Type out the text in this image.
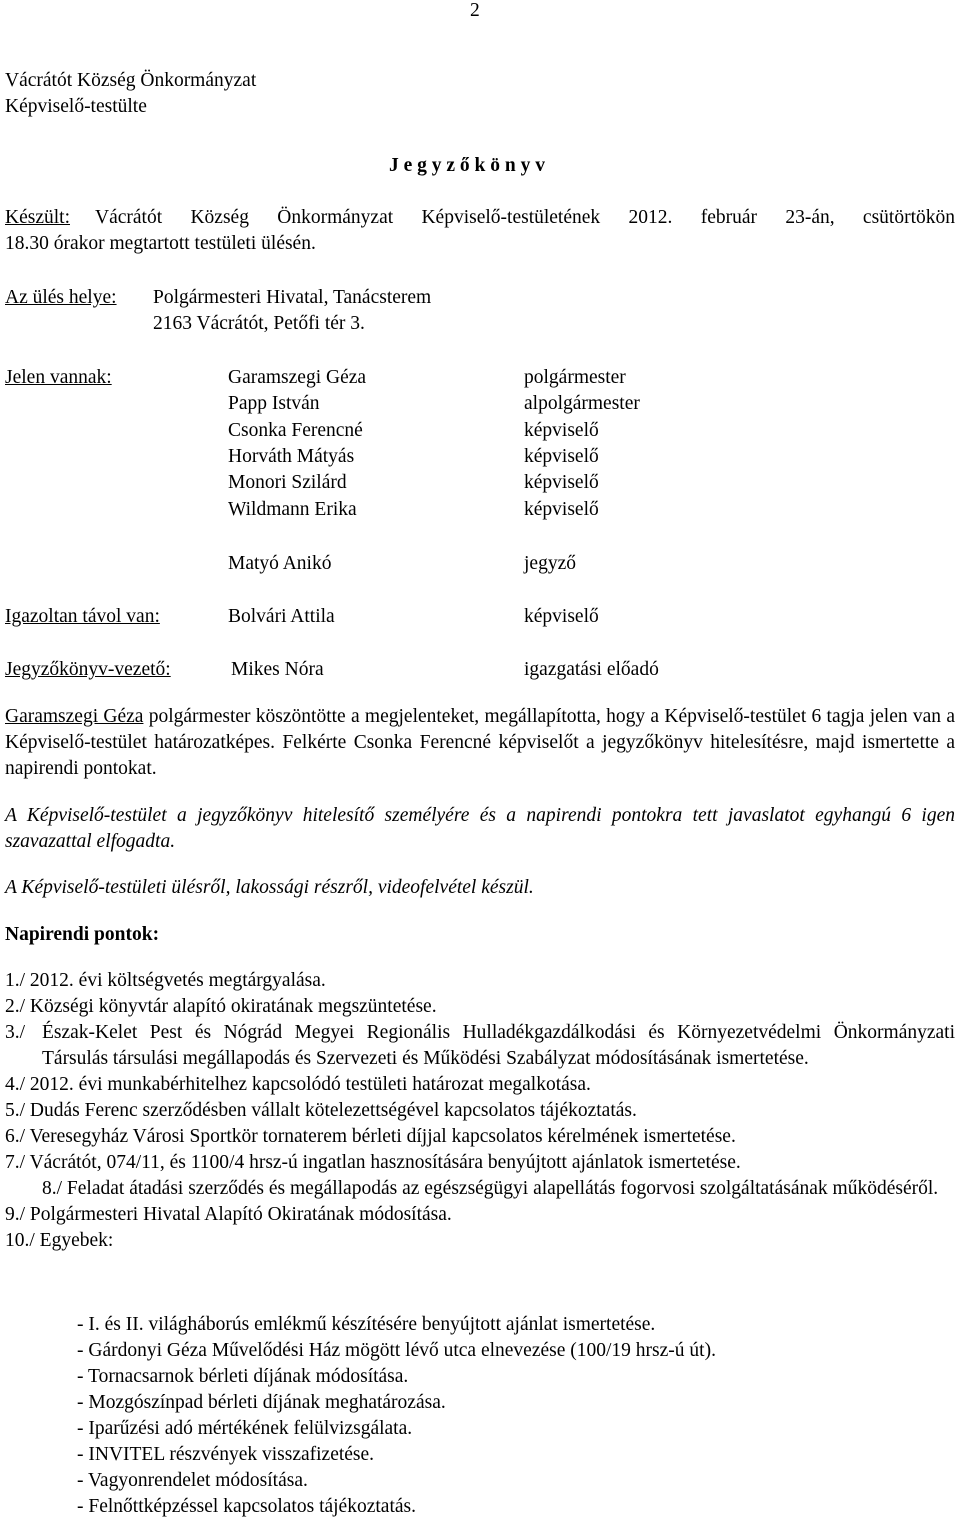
2
Vácrátót Község Önkormányzat
Képviselő-testülte
J e g y z ő k ö n y v
Készült: Vácrátót Község Önkormányzat Képviselő-testületének 2012. február 23-án, csütörtökön
18.30 órakor megtartott testületi ülésén.
Az ülés helye: Polgármesteri Hivatal, Tanácsterem
2163 Vácrátót, Petőfi tér 3.
Jelen vannak:	Garamszegi Géza	polgármester
Papp István	alpolgármester
Csonka Ferencné	képviselő
Horváth Mátyás	képviselő
Monori Szilárd	képviselő
Wildmann Erika	képviselő
Matyó Anikó	jegyző
Igazoltan távol van:	Bolvári Attila	képviselő
Jegyzőkönyv-vezető:	Mikes Nóra	igazgatási előadó
Garamszegi Géza polgármester köszöntötte a megjelenteket, megállapította, hogy a Képviselő-testület 6 tagja jelen van a Képviselő-testület határozatképes. Felkérte Csonka Ferencné képviselőt a jegyzőkönyv hitelesítésre, majd ismertette a napirendi pontokat.
A Képviselő-testület a jegyzőkönyv hitelesítő személyére és a napirendi pontokra tett javaslatot egyhangú 6 igen szavazattal elfogadta.
A Képviselő-testületi ülésről, lakossági részről, videofelvétel készül.
Napirendi pontok:
1./ 2012. évi költségvetés megtárgyalása.
2./ Községi könyvtár alapító okiratának megszüntetése.
3./ Észak-Kelet Pest és Nógrád Megyei Regionális Hulladékgazdálkodási és Környezetvédelmi Önkormányzati Társulás társulási megállapodás és Szervezeti és Működési Szabályzat módosításának ismertetése.
4./ 2012. évi munkabérhitelhez kapcsolódó testületi határozat megalkotása.
5./ Dudás Ferenc szerződésben vállalt kötelezettségével kapcsolatos tájékoztatás.
6./ Veresegyház Városi Sportkör tornaterem bérleti díjjal kapcsolatos kérelmének ismertetése.
7./ Vácrátót, 074/11, és 1100/4 hrsz-ú ingatlan hasznosítására benyújtott ajánlatok ismertetése.
8./ Feladat átadási szerződés és megállapodás az egészségügyi alapellátás fogorvosi szolgáltatásának működéséről.
9./ Polgármesteri Hivatal Alapító Okiratának módosítása.
10./ Egyebek:
- I. és II. világháborús emlékmű készítésére benyújtott ajánlat ismertetése.
- Gárdonyi Géza Művelődési Ház mögött lévő utca elnevezése (100/19 hrsz-ú út).
- Tornacsarnok bérleti díjának módosítása.
- Mozgószínpad bérleti díjának meghatározása.
- Iparűzési adó mértékének felülvizsgálata.
- INVITEL részvények visszafizetése.
- Vagyonrendelet módosítása.
- Felnőttképzéssel kapcsolatos tájékoztatás.
